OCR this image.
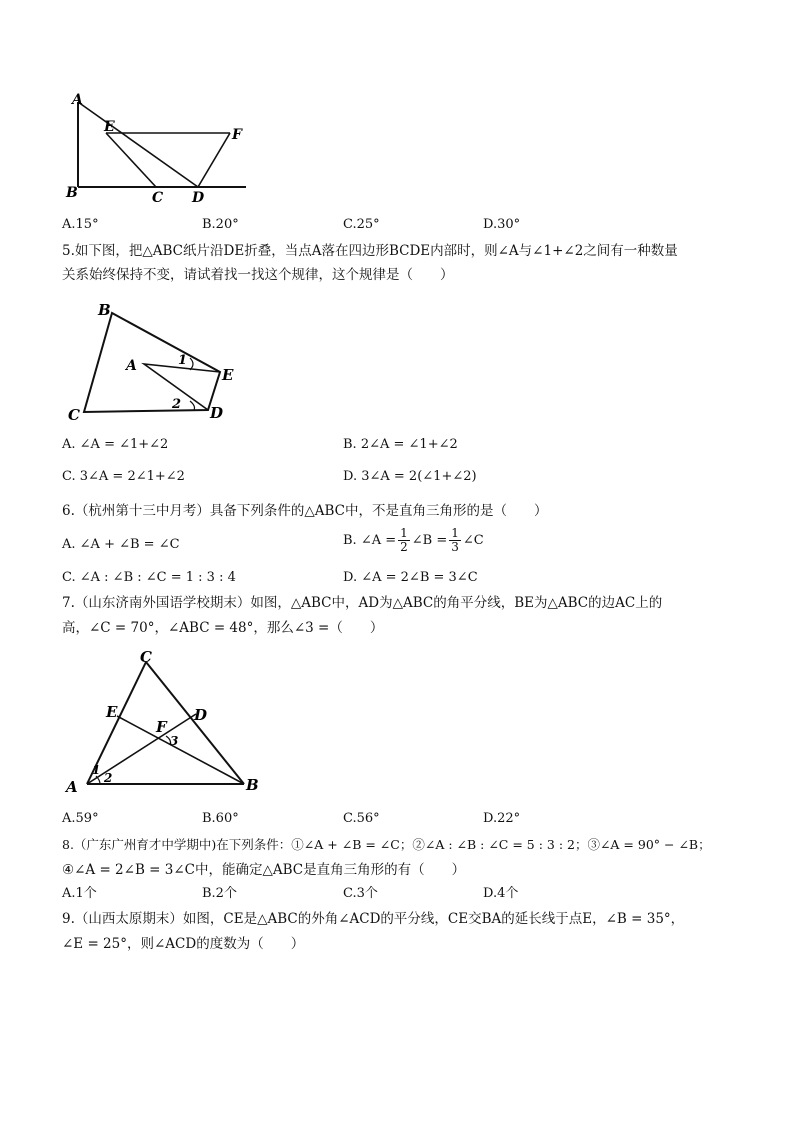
A
E	F
B	C D
A.15°	B.20°	C.25°	D.30°
5.如下图，把△ABC纸片沿DE折叠，当点A落在四边形BCDE内部时，则∠A与∠1+∠2之间有一种数量
关系始终保持不变，请试着找一找这个规律，这个规律是（　　）
B
A	E
C	D
1
2
A. ∠A = ∠1+∠2	B. 2∠A = ∠1+∠2
C. 3∠A = 2∠1+∠2	D. 3∠A = 2(∠1+∠2)
6.（杭州第十三中月考）具备下列条件的△ABC中，不是直角三角形的是（　　）
A. ∠A + ∠B = ∠C	B. ∠A = $\frac{1}{2}$ ∠B = $\frac{1}{3}$ ∠C
C. ∠A : ∠B : ∠C = 1 : 3 : 4	D. ∠A = 2∠B = 3∠C
7.（山东济南外国语学校期末）如图，△ABC中，AD为△ABC的角平分线，BE为△ABC的边AC上的
高，∠C = 70°，∠ABC = 48°，那么∠3 =（　　）
C
E	D
F
A	B
1
2
3
A.59°	B.60°	C.56°	D.22°
8.（广东广州育才中学期中)在下列条件：①∠A + ∠B = ∠C；②∠A : ∠B : ∠C = 5 : 3 : 2；③∠A = 90° − ∠B；
④∠A = 2∠B = 3∠C中，能确定△ABC是直角三角形的有（　　）
A.1个	B.2个	C.3个	D.4个
9.（山西太原期末）如图，CE是△ABC的外角∠ACD的平分线，CE交BA的延长线于点E，∠B = 35°，
∠E = 25°，则∠ACD的度数为（　　）
